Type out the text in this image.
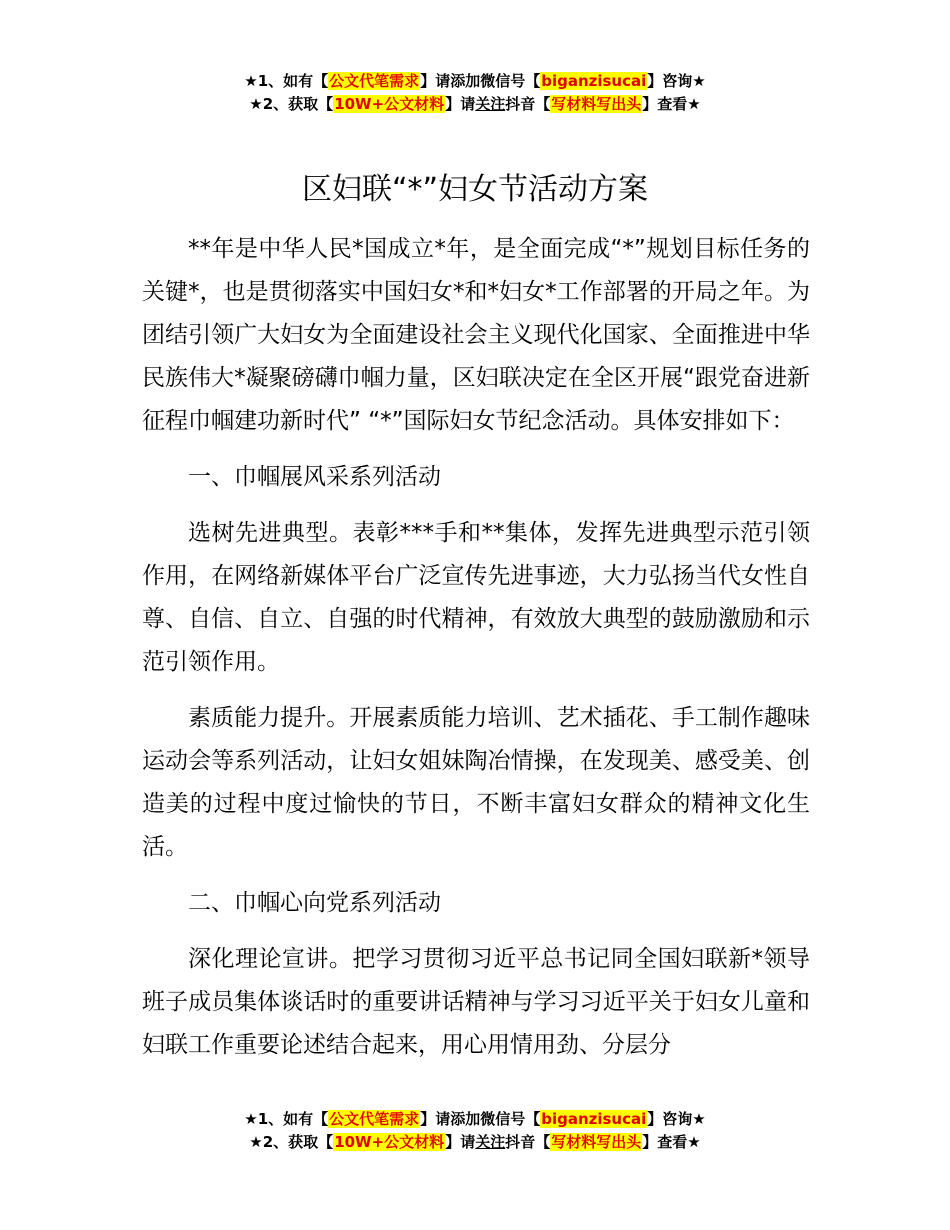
★1、如有【公文代笔需求】请添加微信号【biganzisucai】咨询★
★2、获取【10W+公文材料】请关注抖音【写材料写出头】查看★
区妇联“*”妇女节活动方案

**年是中华人民*国成立*年，是全面完成“*”规划目标任务的关键*，也是贯彻落实中国妇女*和*妇女*工作部署的开局之年。为团结引领广大妇女为全面建设社会主义现代化国家、全面推进中华民族伟大*凝聚磅礴巾帼力量，区妇联决定在全区开展“跟党奋进新征程巾帼建功新时代” “*”国际妇女节纪念活动。具体安排如下：

一、巾帼展风采系列活动

选树先进典型。表彰***手和**集体，发挥先进典型示范引领作用，在网络新媒体平台广泛宣传先进事迹，大力弘扬当代女性自尊、自信、自立、自强的时代精神，有效放大典型的鼓励激励和示范引领作用。

素质能力提升。开展素质能力培训、艺术插花、手工制作趣味运动会等系列活动，让妇女姐妹陶冶情操，在发现美、感受美、创造美的过程中度过愉快的节日，不断丰富妇女群众的精神文化生活。

二、巾帼心向党系列活动

深化理论宣讲。把学习贯彻习近平总书记同全国妇联新*领导班子成员集体谈话时的重要讲话精神与学习习近平关于妇女儿童和妇联工作重要论述结合起来，用心用情用劲、分层分

★1、如有【公文代笔需求】请添加微信号【biganzisucai】咨询★
★2、获取【10W+公文材料】请关注抖音【写材料写出头】查看★
